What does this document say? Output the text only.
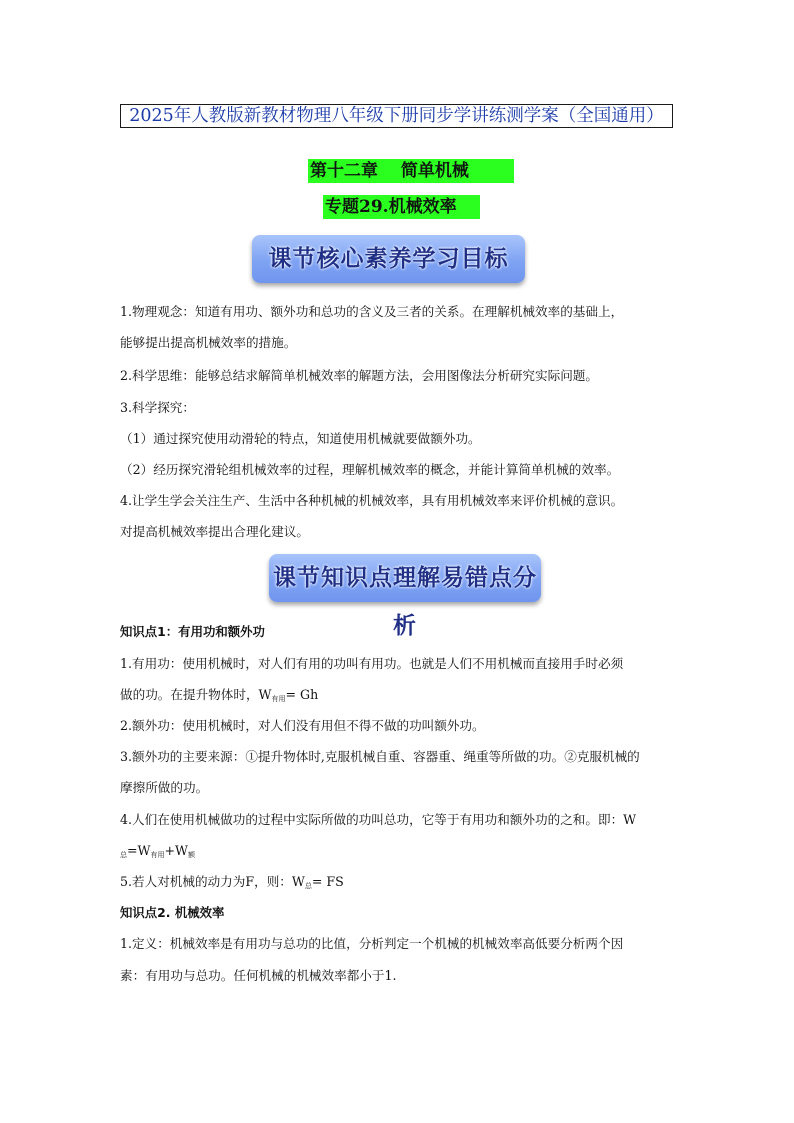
2025年人教版新教材物理八年级下册同步学讲练测学案（全国通用）
第十二章　 简单机械
专题29.机械效率
课节核心素养学习目标
1.物理观念：知道有用功、额外功和总功的含义及三者的关系。在理解机械效率的基础上，
能够提出提高机械效率的措施。
2.科学思维：能够总结求解简单机械效率的解题方法，会用图像法分析研究实际问题。
3.科学探究：
（1）通过探究使用动滑轮的特点，知道使用机械就要做额外功。
（2）经历探究滑轮组机械效率的过程，理解机械效率的概念，并能计算简单机械的效率。
4.让学生学会关注生产、生活中各种机械的机械效率，具有用机械效率来评价机械的意识。
对提高机械效率提出合理化建议。
课节知识点理解易错点分析
知识点1：有用功和额外功
1.有用功：使用机械时，对人们有用的功叫有用功。也就是人们不用机械而直接用手时必须
做的功。在提升物体时，$W_{有用}= Gh$
2.额外功：使用机械时，对人们没有用但不得不做的功叫额外功。
3.额外功的主要来源：①提升物体时,克服机械自重、容器重、绳重等所做的功。②克服机械的
摩擦所做的功。
4.人们在使用机械做功的过程中实际所做的功叫总功，它等于有用功和额外功的之和。即：W
$_总=W_{有用}+W_额$
5.若人对机械的动力为F，则：$W_总=$ FS
知识点2. 机械效率
1.定义：机械效率是有用功与总功的比值，分析判定一个机械的机械效率高低要分析两个因
素：有用功与总功。任何机械的机械效率都小于1.
